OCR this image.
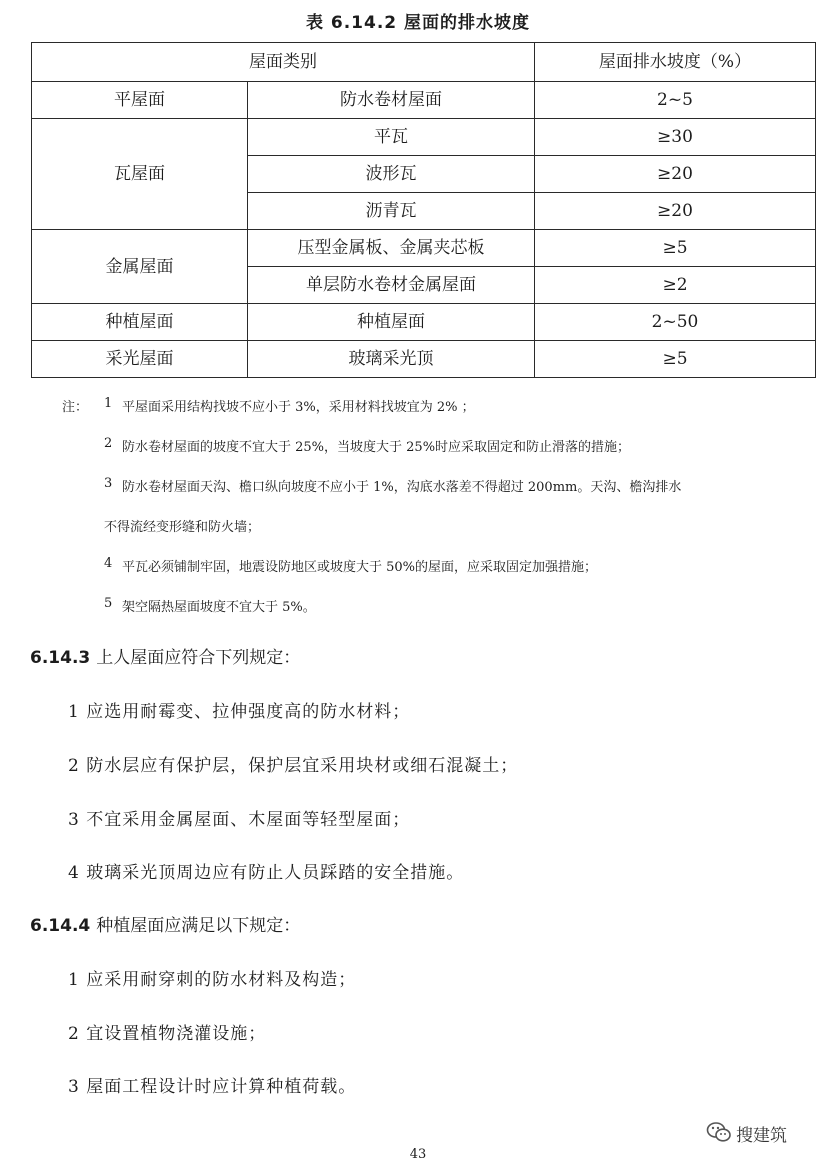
表 6.14.2 屋面的排水坡度
屋面类别		屋面排水坡度（%）
平屋面	防水卷材屋面	2~5
瓦屋面	平瓦	≥30
	波形瓦	≥20
	沥青瓦	≥20
金属屋面	压型金属板、金属夹芯板	≥5
	单层防水卷材金属屋面	≥2
种植屋面	种植屋面	2~50
采光屋面	玻璃采光顶	≥5
注： 1 平屋面采用结构找坡不应小于 3%，采用材料找坡宜为 2% ；
2 防水卷材屋面的坡度不宜大于 25%，当坡度大于 25%时应采取固定和防止滑落的措施；
3 防水卷材屋面天沟、檐口纵向坡度不应小于 1%，沟底水落差不得超过 200mm。天沟、檐沟排水
不得流经变形缝和防火墙；
4 平瓦必须铺制牢固，地震设防地区或坡度大于 50%的屋面，应采取固定加强措施；
5 架空隔热屋面坡度不宜大于 5%。
6.14.3 上人屋面应符合下列规定：
1 应选用耐霉变、拉伸强度高的防水材料；
2 防水层应有保护层，保护层宜采用块材或细石混凝土；
3 不宜采用金属屋面、木屋面等轻型屋面；
4 玻璃采光顶周边应有防止人员踩踏的安全措施。
6.14.4 种植屋面应满足以下规定：
1 应采用耐穿刺的防水材料及构造；
2 宜设置植物浇灌设施；
3 屋面工程设计时应计算种植荷载。
搜建筑
43
